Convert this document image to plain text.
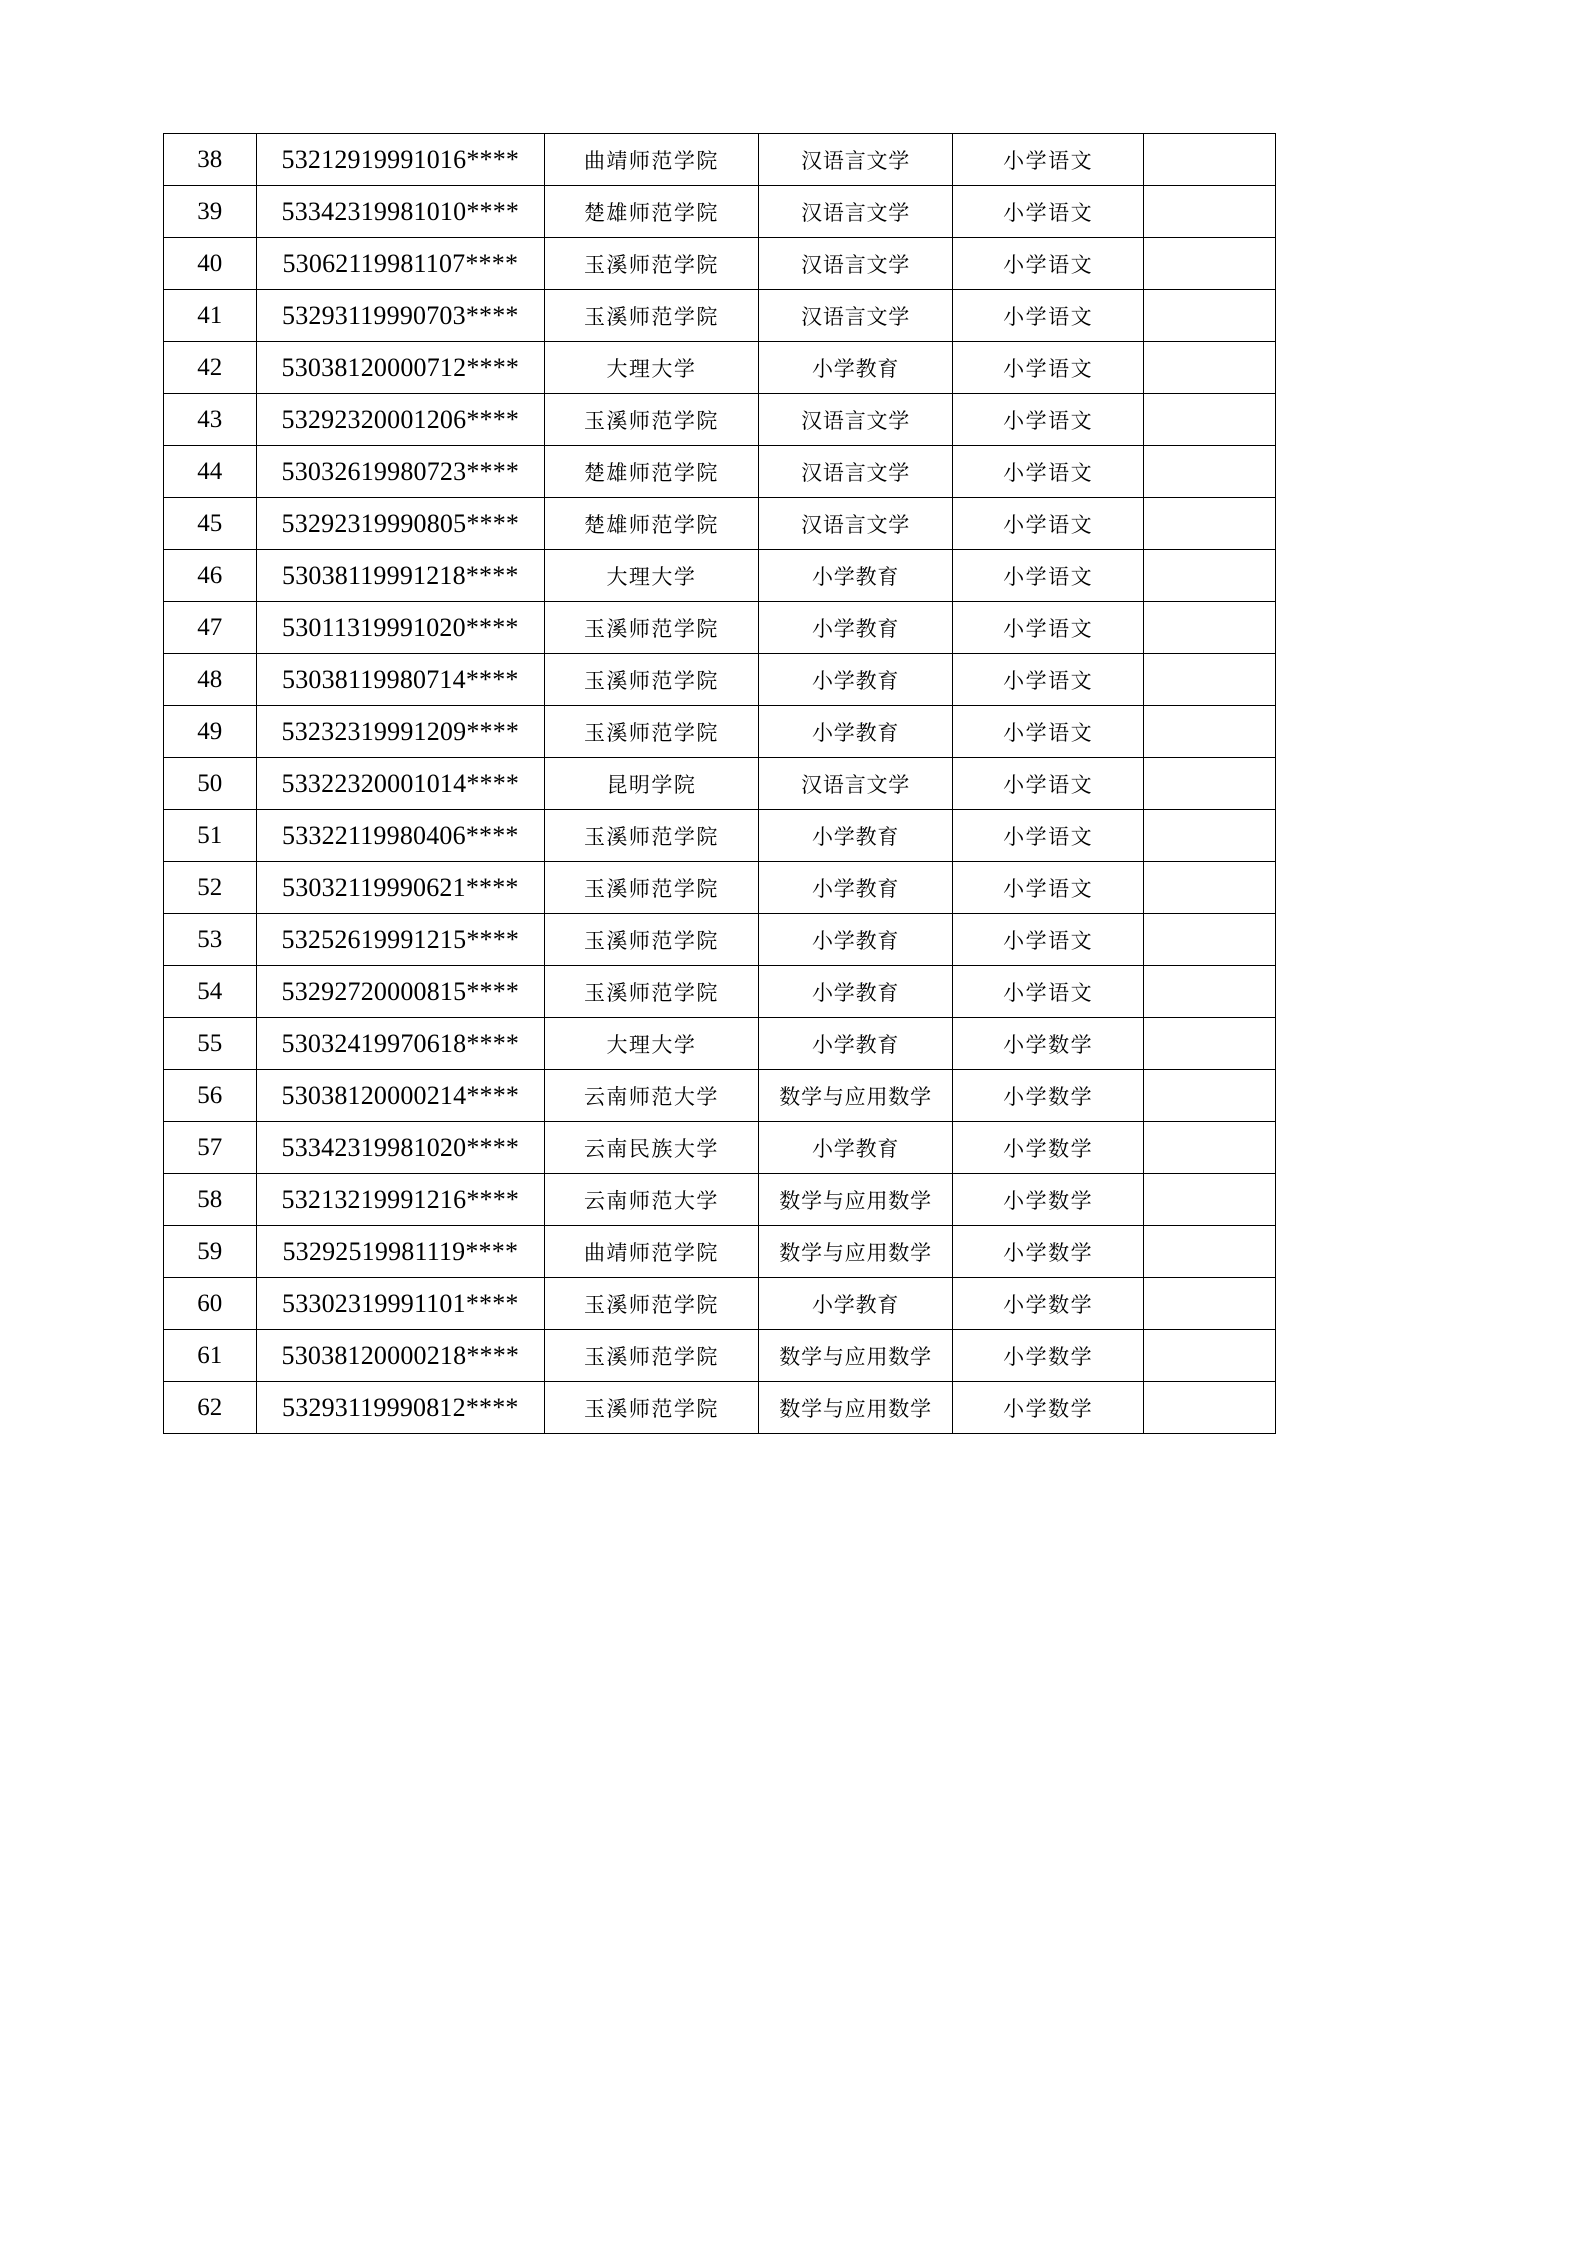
38	53212919991016****	曲靖师范学院	汉语言文学	小学语文	
39	53342319981010****	楚雄师范学院	汉语言文学	小学语文	
40	53062119981107****	玉溪师范学院	汉语言文学	小学语文	
41	53293119990703****	玉溪师范学院	汉语言文学	小学语文	
42	53038120000712****	大理大学	小学教育	小学语文	
43	53292320001206****	玉溪师范学院	汉语言文学	小学语文	
44	53032619980723****	楚雄师范学院	汉语言文学	小学语文	
45	53292319990805****	楚雄师范学院	汉语言文学	小学语文	
46	53038119991218****	大理大学	小学教育	小学语文	
47	53011319991020****	玉溪师范学院	小学教育	小学语文	
48	53038119980714****	玉溪师范学院	小学教育	小学语文	
49	53232319991209****	玉溪师范学院	小学教育	小学语文	
50	53322320001014****	昆明学院	汉语言文学	小学语文	
51	53322119980406****	玉溪师范学院	小学教育	小学语文	
52	53032119990621****	玉溪师范学院	小学教育	小学语文	
53	53252619991215****	玉溪师范学院	小学教育	小学语文	
54	53292720000815****	玉溪师范学院	小学教育	小学语文	
55	53032419970618****	大理大学	小学教育	小学数学	
56	53038120000214****	云南师范大学	数学与应用数学	小学数学	
57	53342319981020****	云南民族大学	小学教育	小学数学	
58	53213219991216****	云南师范大学	数学与应用数学	小学数学	
59	53292519981119****	曲靖师范学院	数学与应用数学	小学数学	
60	53302319991101****	玉溪师范学院	小学教育	小学数学	
61	53038120000218****	玉溪师范学院	数学与应用数学	小学数学	
62	53293119990812****	玉溪师范学院	数学与应用数学	小学数学	
